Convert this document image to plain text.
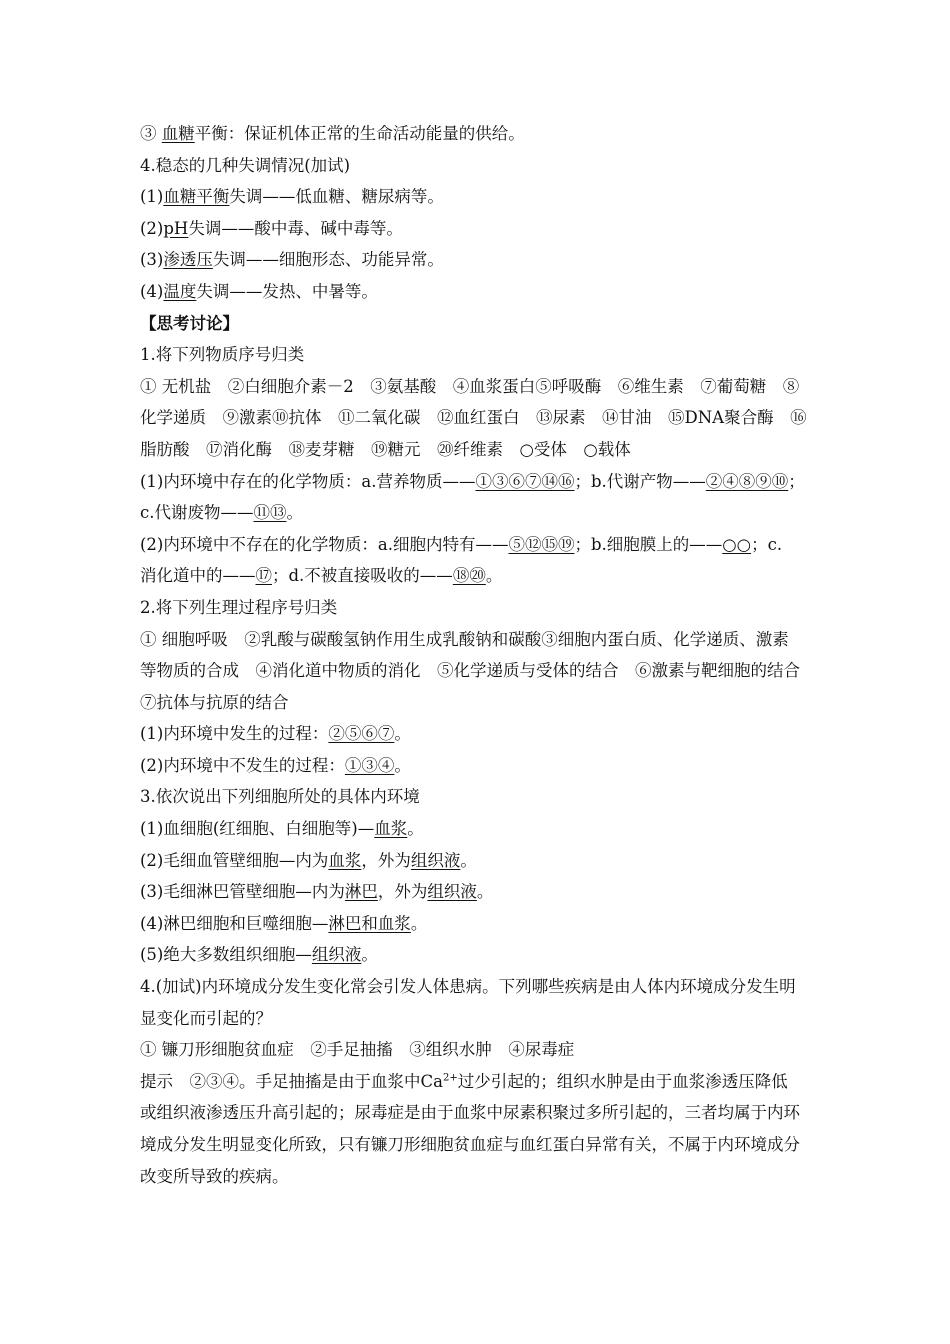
③ 血糖平衡：保证机体正常的生命活动能量的供给。
4.稳态的几种失调情况(加试)
(1)血糖平衡失调——低血糖、糖尿病等。
(2)pH失调——酸中毒、碱中毒等。
(3)渗透压失调——细胞形态、功能异常。
(4)温度失调——发热、中暑等。
【思考讨论】
1.将下列物质序号归类
① 无机盐　②白细胞介素－2　③氨基酸　④血浆蛋白⑤呼吸酶　⑥维生素　⑦葡萄糖　⑧
化学递质　⑨激素⑩抗体　⑪二氧化碳　⑫血红蛋白　⑬尿素　⑭甘油　⑮DNA聚合酶　⑯
脂肪酸　⑰消化酶　⑱麦芽糖　⑲糖元　⑳纤维素　○受体　○载体
(1)内环境中存在的化学物质：a.营养物质——①③⑥⑦⑭⑯；b.代谢产物——②④⑧⑨⑩；
c.代谢废物——⑪⑬。
(2)内环境中不存在的化学物质：a.细胞内特有——⑤⑫⑮⑲；b.细胞膜上的——○○；c.
消化道中的——⑰；d.不被直接吸收的——⑱⑳。
2.将下列生理过程序号归类
① 细胞呼吸　②乳酸与碳酸氢钠作用生成乳酸钠和碳酸③细胞内蛋白质、化学递质、激素
等物质的合成　④消化道中物质的消化　⑤化学递质与受体的结合　⑥激素与靶细胞的结合
⑦抗体与抗原的结合
(1)内环境中发生的过程：②⑤⑥⑦。
(2)内环境中不发生的过程：①③④。
3.依次说出下列细胞所处的具体内环境
(1)血细胞(红细胞、白细胞等)—血浆。
(2)毛细血管壁细胞—内为血浆，外为组织液。
(3)毛细淋巴管壁细胞—内为淋巴，外为组织液。
(4)淋巴细胞和巨噬细胞—淋巴和血浆。
(5)绝大多数组织细胞—组织液。
4.(加试)内环境成分发生变化常会引发人体患病。下列哪些疾病是由人体内环境成分发生明
显变化而引起的？
① 镰刀形细胞贫血症　②手足抽搐　③组织水肿　④尿毒症
提示　②③④。手足抽搐是由于血浆中$Ca^{2+}$过少引起的；组织水肿是由于血浆渗透压降低
或组织液渗透压升高引起的；尿毒症是由于血浆中尿素积聚过多所引起的，三者均属于内环
境成分发生明显变化所致，只有镰刀形细胞贫血症与血红蛋白异常有关，不属于内环境成分
改变所导致的疾病。
